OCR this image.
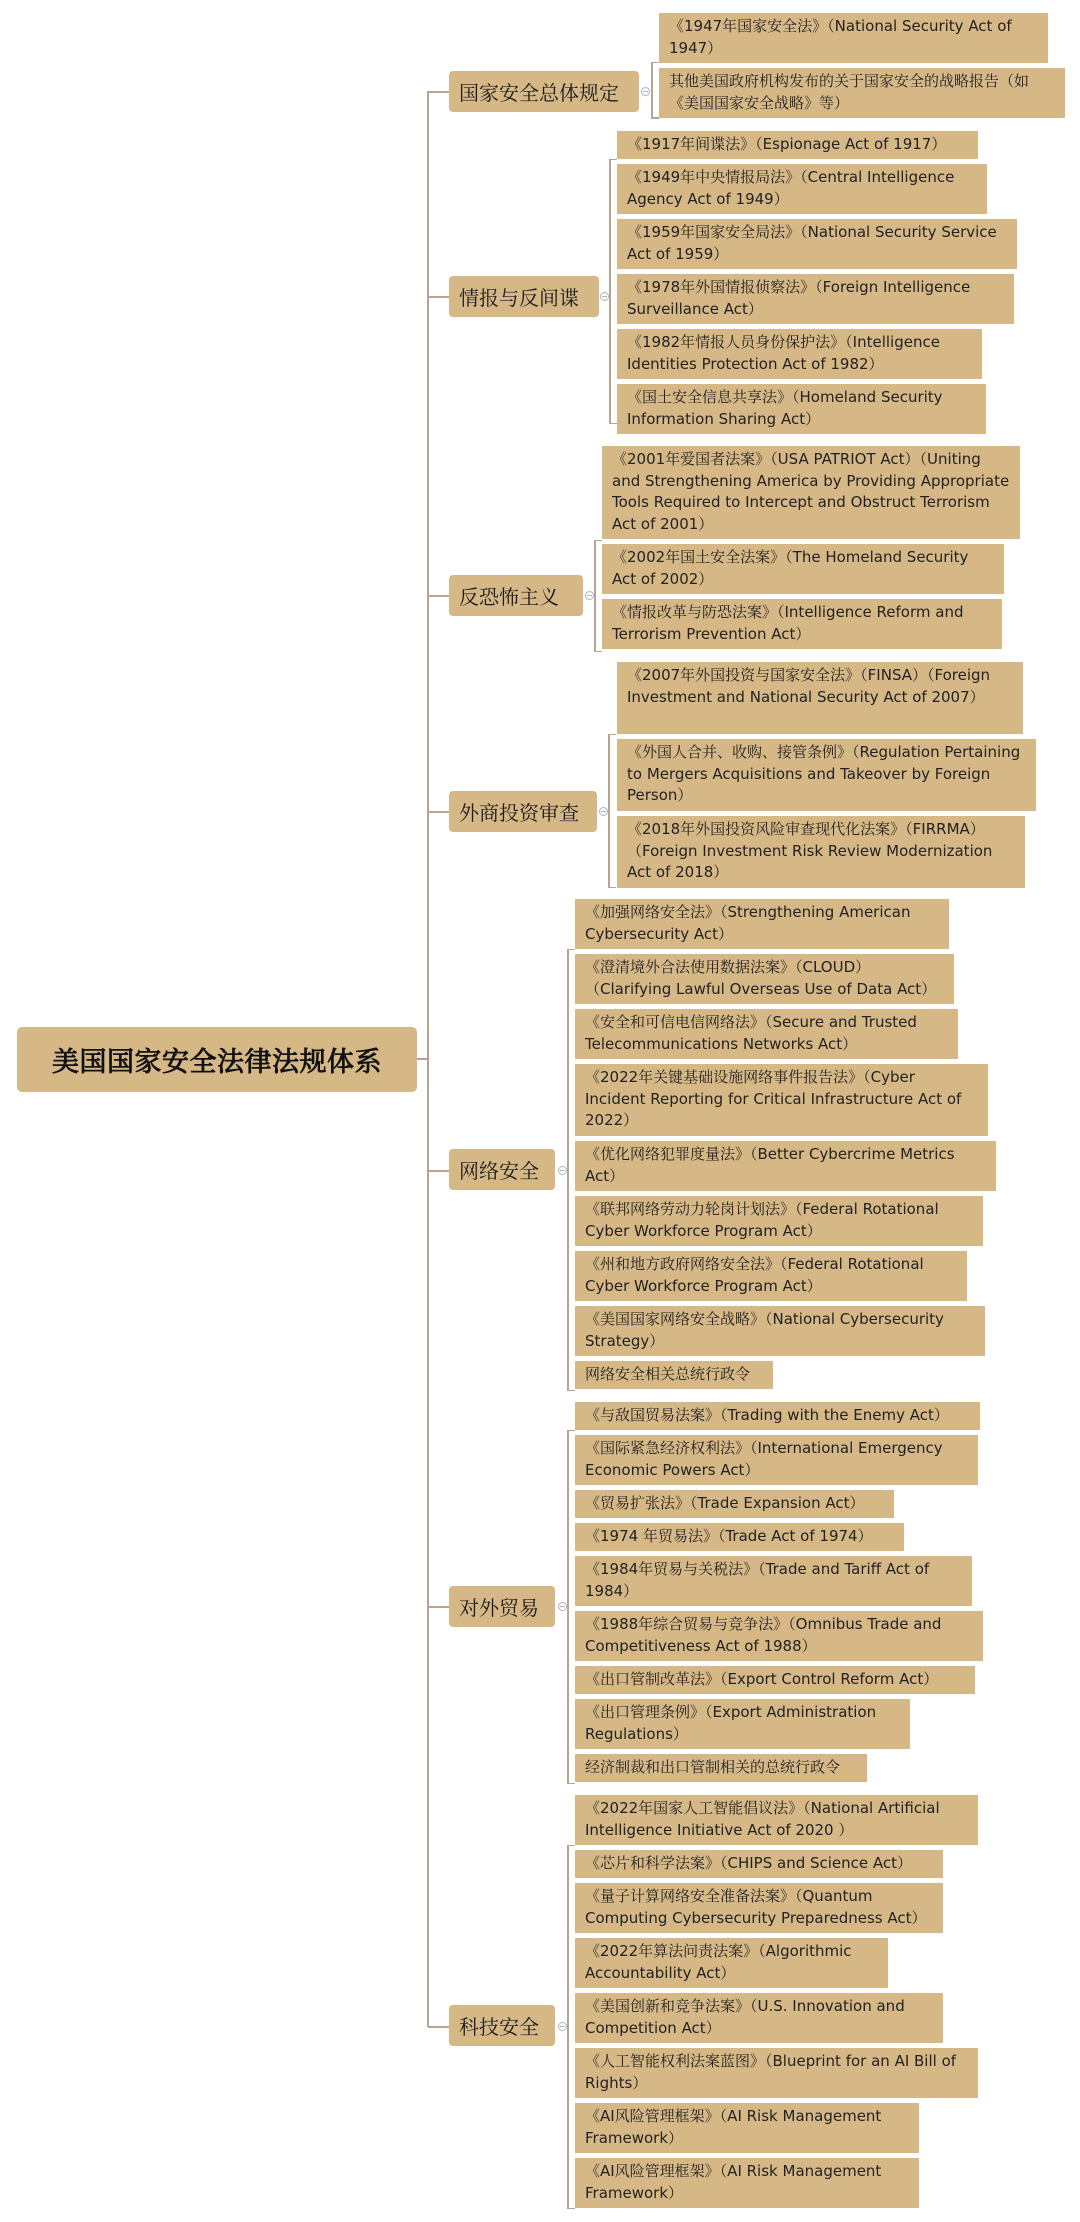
美国国家安全法律法规体系
国家安全总体规定
《1947年国家安全法》（National Security Act of 1947）
其他美国政府机构发布的关于国家安全的战略报告（如《美国国家安全战略》等）
情报与反间谍
《1917年间谍法》（Espionage Act of 1917）
《1949年中央情报局法》（Central Intelligence Agency Act of 1949）
《1959年国家安全局法》（National Security Service Act of 1959）
《1978年外国情报侦察法》（Foreign Intelligence Surveillance Act）
《1982年情报人员身份保护法》（Intelligence Identities Protection Act of 1982）
《国土安全信息共享法》（Homeland Security Information Sharing Act）
反恐怖主义
《2001年爱国者法案》（USA PATRIOT Act）（Uniting and Strengthening America by Providing Appropriate Tools Required to Intercept and Obstruct Terrorism Act of 2001）
《2002年国土安全法案》（The Homeland Security Act of 2002）
《情报改革与防恐法案》（Intelligence Reform and Terrorism Prevention Act）
外商投资审查
《2007年外国投资与国家安全法》（FINSA）（Foreign Investment and National Security Act of 2007）
《外国人合并、收购、接管条例》（Regulation Pertaining to Mergers Acquisitions and Takeover by Foreign Person）
《2018年外国投资风险审查现代化法案》（FIRRMA）（Foreign Investment Risk Review Modernization Act of 2018）
网络安全
《加强网络安全法》（Strengthening American Cybersecurity Act）
《澄清境外合法使用数据法案》（CLOUD）（Clarifying Lawful Overseas Use of Data Act）
《安全和可信电信网络法》（Secure and Trusted Telecommunications Networks Act）
《2022年关键基础设施网络事件报告法》（Cyber Incident Reporting for Critical Infrastructure Act of 2022）
《优化网络犯罪度量法》（Better Cybercrime Metrics Act）
《联邦网络劳动力轮岗计划法》（Federal Rotational Cyber Workforce Program Act）
《州和地方政府网络安全法》（Federal Rotational Cyber Workforce Program Act）
《美国国家网络安全战略》（National Cybersecurity Strategy）
网络安全相关总统行政令
对外贸易
《与敌国贸易法案》（Trading with the Enemy Act）
《国际紧急经济权利法》（International Emergency Economic Powers Act）
《贸易扩张法》（Trade Expansion Act）
《1974 年贸易法》（Trade Act of 1974）
《1984年贸易与关税法》（Trade and Tariff Act of 1984）
《1988年综合贸易与竞争法》（Omnibus Trade and Competitiveness Act of 1988）
《出口管制改革法》（Export Control Reform Act）
《出口管理条例》（Export Administration Regulations）
经济制裁和出口管制相关的总统行政令
科技安全
《2022年国家人工智能倡议法》（National Artificial Intelligence Initiative Act of 2020 ）
《芯片和科学法案》（CHIPS and Science Act）
《量子计算网络安全准备法案》（Quantum Computing Cybersecurity Preparedness Act）
《2022年算法问责法案》（Algorithmic Accountability Act）
《美国创新和竞争法案》（U.S. Innovation and Competition Act）
《人工智能权利法案蓝图》（Blueprint for an AI Bill of Rights）
《AI风险管理框架》（AI Risk Management Framework）
《AI风险管理框架》（AI Risk Management Framework）
